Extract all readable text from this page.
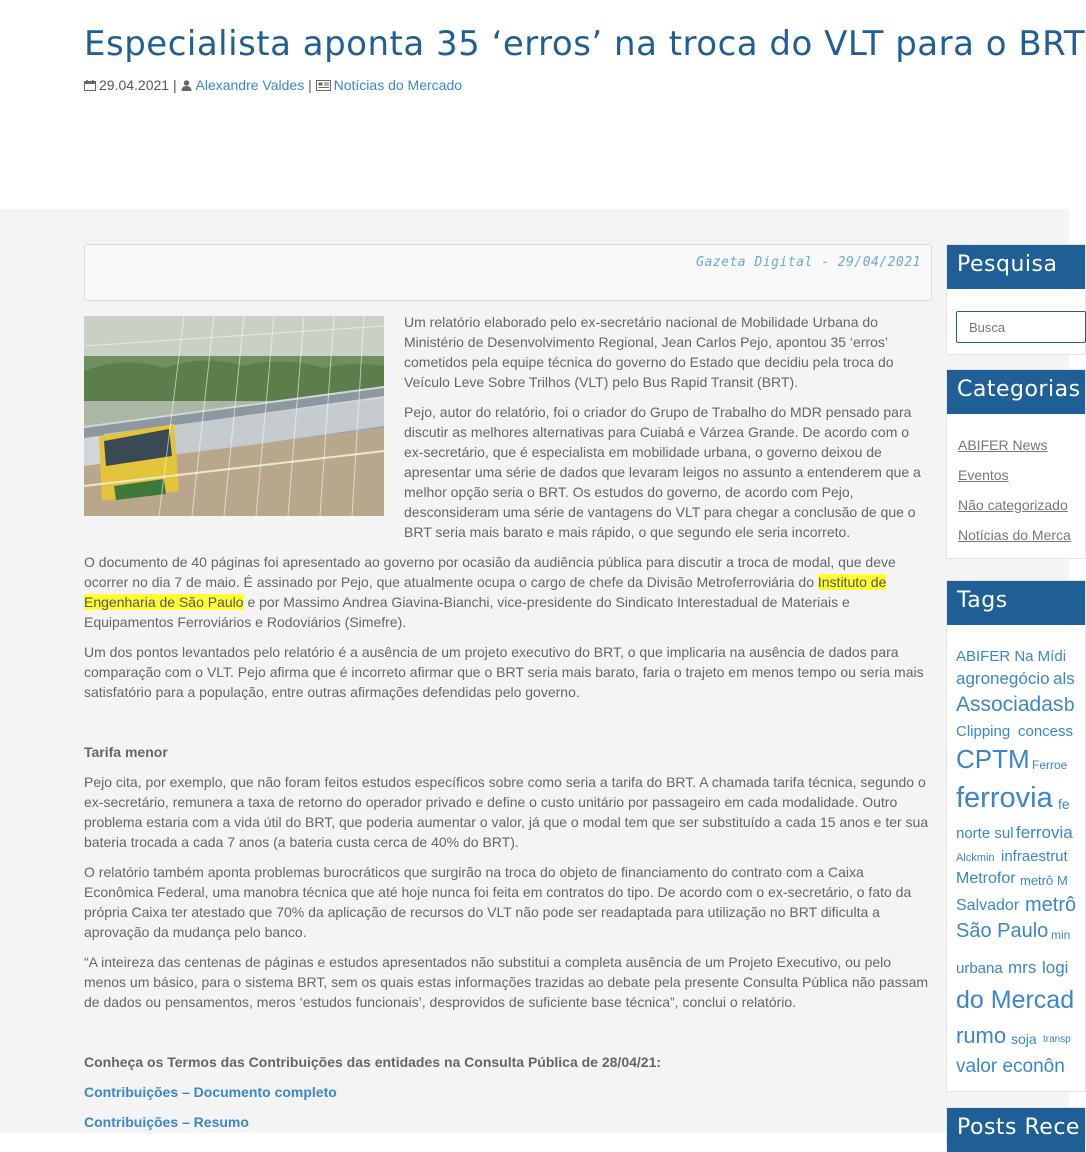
Especialista aponta 35 ‘erros’ na troca do VLT para o BRT
29.04.2021 | Alexandre Valdes | Notícias do Mercado
Gazeta Digital - 29/04/2021

Um relatório elaborado pelo ex-secretário nacional de Mobilidade Urbana do Ministério de Desenvolvimento Regional, Jean Carlos Pejo, apontou 35 ‘erros’ cometidos pela equipe técnica do governo do Estado que decidiu pela troca do Veículo Leve Sobre Trilhos (VLT) pelo Bus Rapid Transit (BRT).

Pejo, autor do relatório, foi o criador do Grupo de Trabalho do MDR pensado para discutir as melhores alternativas para Cuiabá e Várzea Grande. De acordo com o ex-secretário, que é especialista em mobilidade urbana, o governo deixou de apresentar uma série de dados que levaram leigos no assunto a entenderem que a melhor opção seria o BRT. Os estudos do governo, de acordo com Pejo, desconsideram uma série de vantagens do VLT para chegar a conclusão de que o BRT seria mais barato e mais rápido, o que segundo ele seria incorreto.

O documento de 40 páginas foi apresentado ao governo por ocasião da audiência pública para discutir a troca de modal, que deve ocorrer no dia 7 de maio. É assinado por Pejo, que atualmente ocupa o cargo de chefe da Divisão Metroferroviária do Instituto de Engenharia de São Paulo e por Massimo Andrea Giavina-Bianchi, vice-presidente do Sindicato Interestadual de Materiais e Equipamentos Ferroviários e Rodoviários (Simefre).

Um dos pontos levantados pelo relatório é a ausência de um projeto executivo do BRT, o que implicaria na ausência de dados para comparação com o VLT. Pejo afirma que é incorreto afirmar que o BRT seria mais barato, faria o trajeto em menos tempo ou seria mais satisfatório para a população, entre outras afirmações defendidas pelo governo.

Tarifa menor

Pejo cita, por exemplo, que não foram feitos estudos específicos sobre como seria a tarifa do BRT. A chamada tarifa técnica, segundo o ex-secretário, remunera a taxa de retorno do operador privado e define o custo unitário por passageiro em cada modalidade. Outro problema estaria com a vida útil do BRT, que poderia aumentar o valor, já que o modal tem que ser substituído a cada 15 anos e ter sua bateria trocada a cada 7 anos (a bateria custa cerca de 40% do BRT).

O relatório também aponta problemas burocráticos que surgirão na troca do objeto de financiamento do contrato com a Caixa Econômica Federal, uma manobra técnica que até hoje nunca foi feita em contratos do tipo. De acordo com o ex-secretário, o fato da própria Caixa ter atestado que 70% da aplicação de recursos do VLT não pode ser readaptada para utilização no BRT dificulta a aprovação da mudança pelo banco.

“A inteireza das centenas de páginas e estudos apresentados não substitui a completa ausência de um Projeto Executivo, ou pelo menos um básico, para o sistema BRT, sem os quais estas informações trazidas ao debate pela presente Consulta Pública não passam de dados ou pensamentos, meros ‘estudos funcionais’, desprovidos de suficiente base técnica”, conclui o relatório.

Conheça os Termos das Contribuições das entidades na Consulta Pública de 28/04/21:

Contribuições – Documento completo
Contribuições – Resumo
Pesquisa
Busca
Categorias
ABIFER News
Eventos
Não categorizado
Notícias do Merca
Tags
ABIFER Na Mídi
agronegócio als
Associadas b
Clipping concess
CPTM Ferroe
ferrovia fe
norte sul ferrovia
Alckmin infraestrut
Metrofor metrô M
Salvador metrô
São Paulo min
urbana mrs logi
do Mercad
rumo soja transp
valor econôn
Posts Rece
